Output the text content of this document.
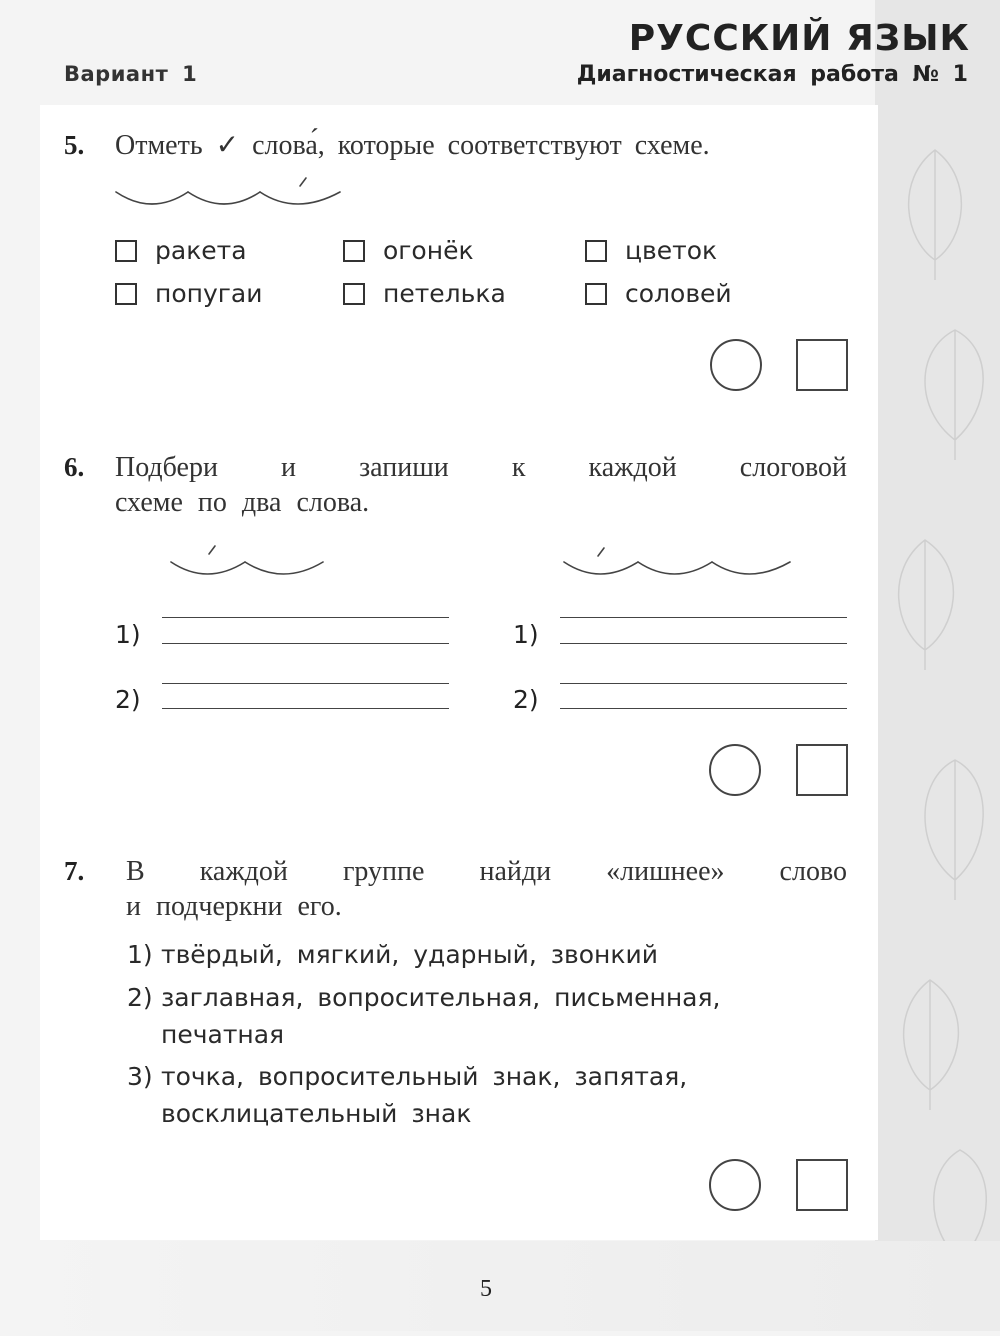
РУССКИЙ ЯЗЫК
Вариант 1	Диагностическая работа № 1
5. Отметь ✓ слова́, которые соответствуют схеме.
ракета	огонёк	цветок
попугаи	петелька	соловей
6. Подбери и запиши к каждой слоговой
схеме по два слова.
1)
2)
1)
2)
7. В каждой группе найди «лишнее» слово
и подчеркни его.
1) твёрдый, мягкий, ударный, звонкий
2) заглавная, вопросительная, письменная,
печатная
3) точка, вопросительный знак, запятая,
восклицательный знак
5
